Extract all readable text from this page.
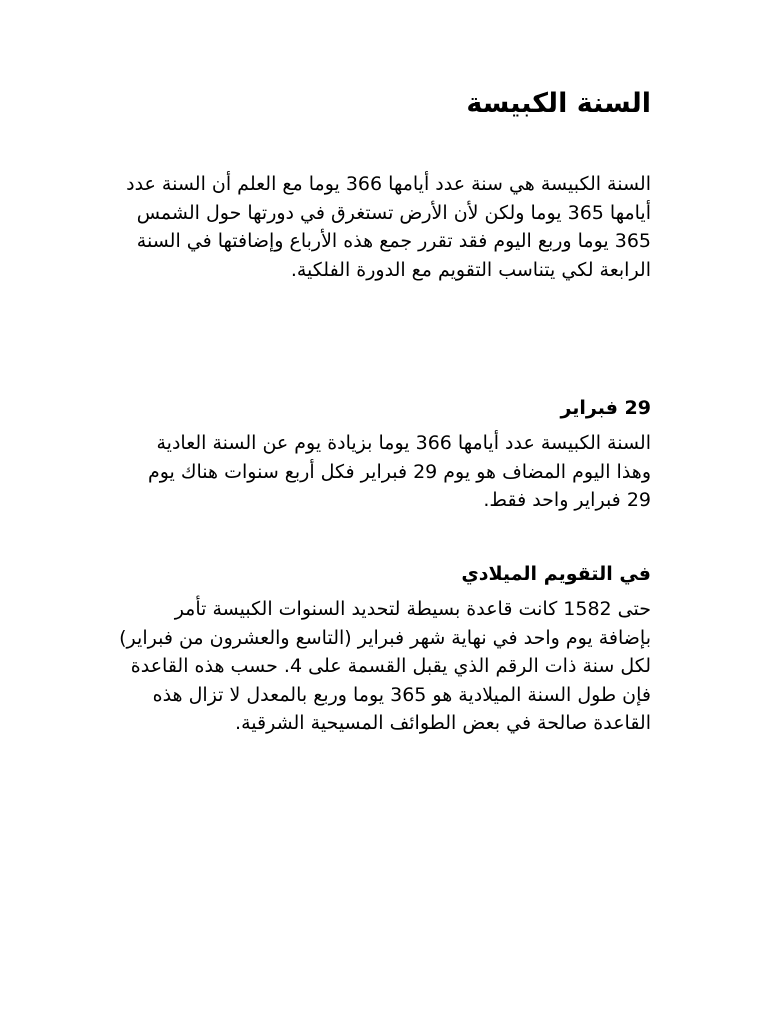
السنة الكبيسة

السنة الكبيسة هي سنة عدد أيامها 366 يوما مع العلم أن السنة عدد أيامها 365 يوما ولكن لأن الأرض تستغرق في دورتها حول الشمس 365 يوما وربع اليوم فقد تقرر جمع هذه الأرباع وإضافتها في السنة الرابعة لكي يتناسب التقويم مع الدورة الفلكية.

29 فبراير

السنة الكبيسة عدد أيامها 366 يوما بزيادة يوم عن السنة العادية وهذا اليوم المضاف هو يوم 29 فبراير فكل أربع سنوات هناك يوم 29 فبراير واحد فقط.

في التقويم الميلادي

حتى 1582 كانت قاعدة بسيطة لتحديد السنوات الكبيسة تأمر بإضافة يوم واحد في نهاية شهر فبراير (التاسع والعشرون من فبراير) لكل سنة ذات الرقم الذي يقبل القسمة على 4. حسب هذه القاعدة فإن طول السنة الميلادية هو 365 يوما وربع بالمعدل لا تزال هذه القاعدة صالحة في بعض الطوائف المسيحية الشرقية.
